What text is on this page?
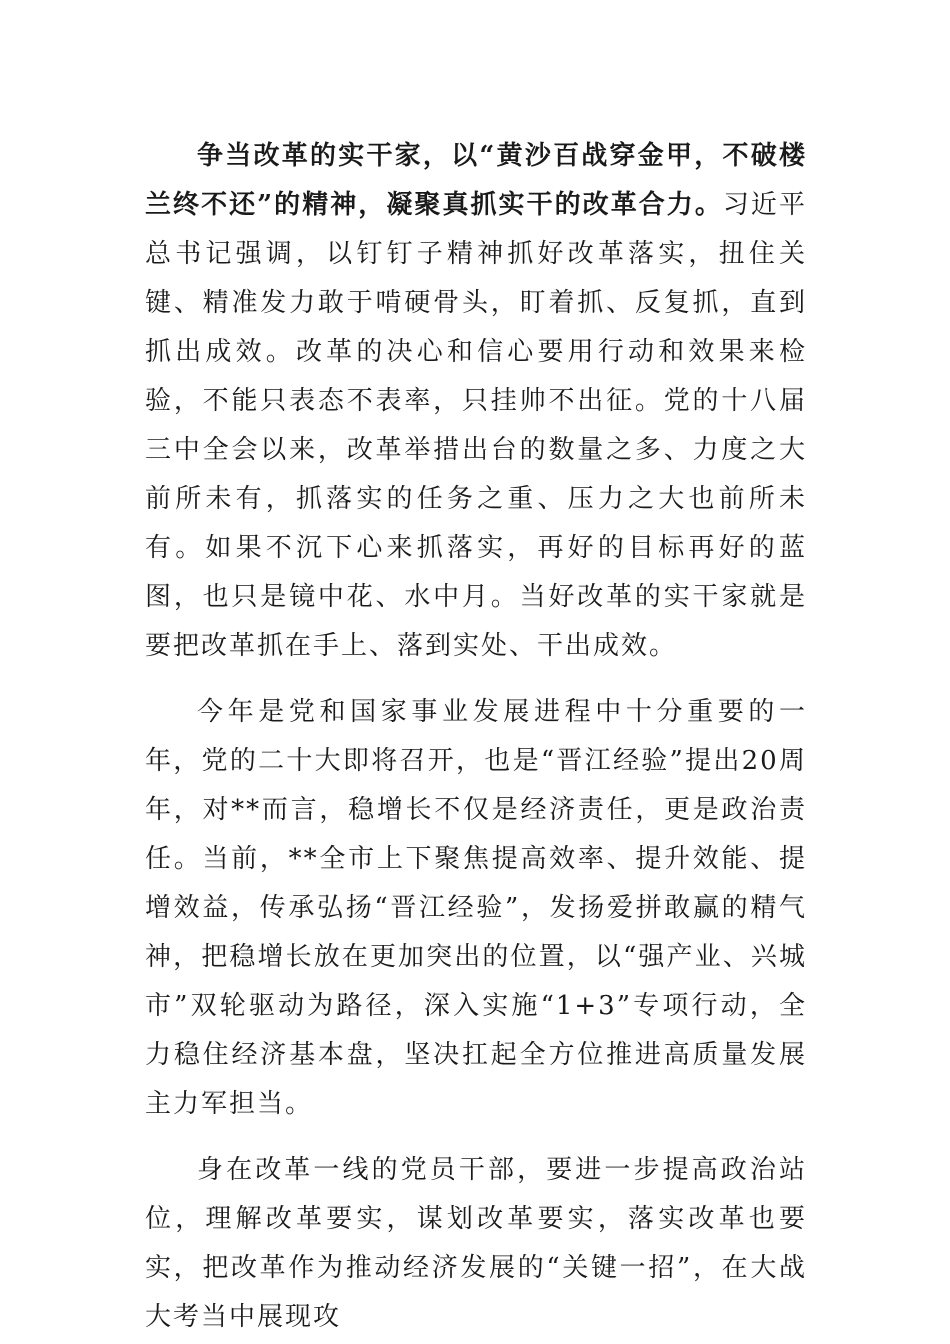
争当改革的实干家，以“黄沙百战穿金甲，不破楼兰终不还”的精神，凝聚真抓实干的改革合力。习近平总书记强调，以钉钉子精神抓好改革落实，扭住关键、精准发力敢于啃硬骨头，盯着抓、反复抓，直到抓出成效。改革的决心和信心要用行动和效果来检验，不能只表态不表率，只挂帅不出征。党的十八届三中全会以来，改革举措出台的数量之多、力度之大前所未有，抓落实的任务之重、压力之大也前所未有。如果不沉下心来抓落实，再好的目标再好的蓝图，也只是镜中花、水中月。当好改革的实干家就是要把改革抓在手上、落到实处、干出成效。

今年是党和国家事业发展进程中十分重要的一年，党的二十大即将召开，也是“晋江经验”提出20周年，对**而言，稳增长不仅是经济责任，更是政治责任。当前，**全市上下聚焦提高效率、提升效能、提增效益，传承弘扬“晋江经验”，发扬爱拼敢赢的精气神，把稳增长放在更加突出的位置，以“强产业、兴城市”双轮驱动为路径，深入实施“1+3”专项行动，全力稳住经济基本盘，坚决扛起全方位推进高质量发展主力军担当。

身在改革一线的党员干部，要进一步提高政治站位，理解改革要实，谋划改革要实，落实改革也要实，把改革作为推动经济发展的“关键一招”，在大战大考当中展现攻
